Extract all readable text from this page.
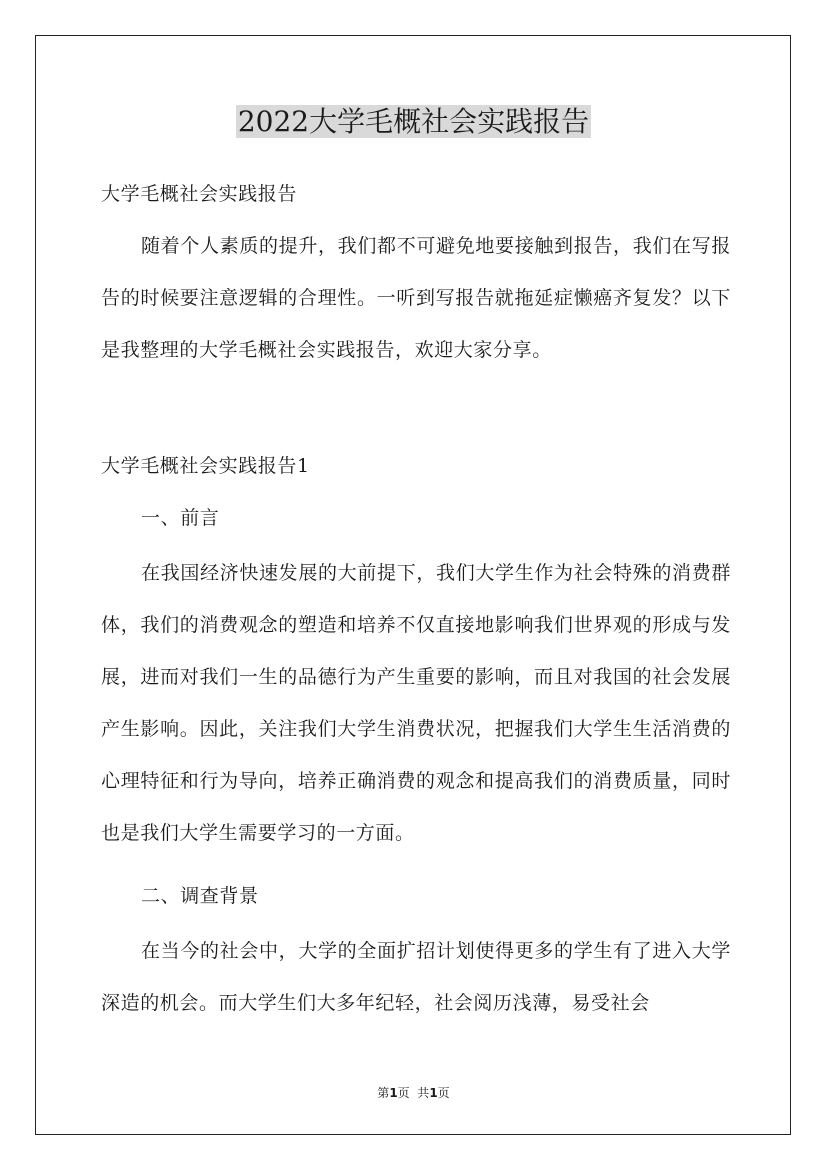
2022大学毛概社会实践报告

大学毛概社会实践报告

随着个人素质的提升，我们都不可避免地要接触到报告，我们在写报告的时候要注意逻辑的合理性。一听到写报告就拖延症懒癌齐复发？以下是我整理的大学毛概社会实践报告，欢迎大家分享。

大学毛概社会实践报告1

一、前言

在我国经济快速发展的大前提下，我们大学生作为社会特殊的消费群体，我们的消费观念的塑造和培养不仅直接地影响我们世界观的形成与发展，进而对我们一生的品德行为产生重要的影响，而且对我国的社会发展产生影响。因此，关注我们大学生消费状况，把握我们大学生生活消费的心理特征和行为导向，培养正确消费的观念和提高我们的消费质量，同时也是我们大学生需要学习的一方面。

二、调查背景

在当今的社会中，大学的全面扩招计划使得更多的学生有了进入大学深造的机会。而大学生们大多年纪轻，社会阅历浅薄，易受社会

第1页  共1页
